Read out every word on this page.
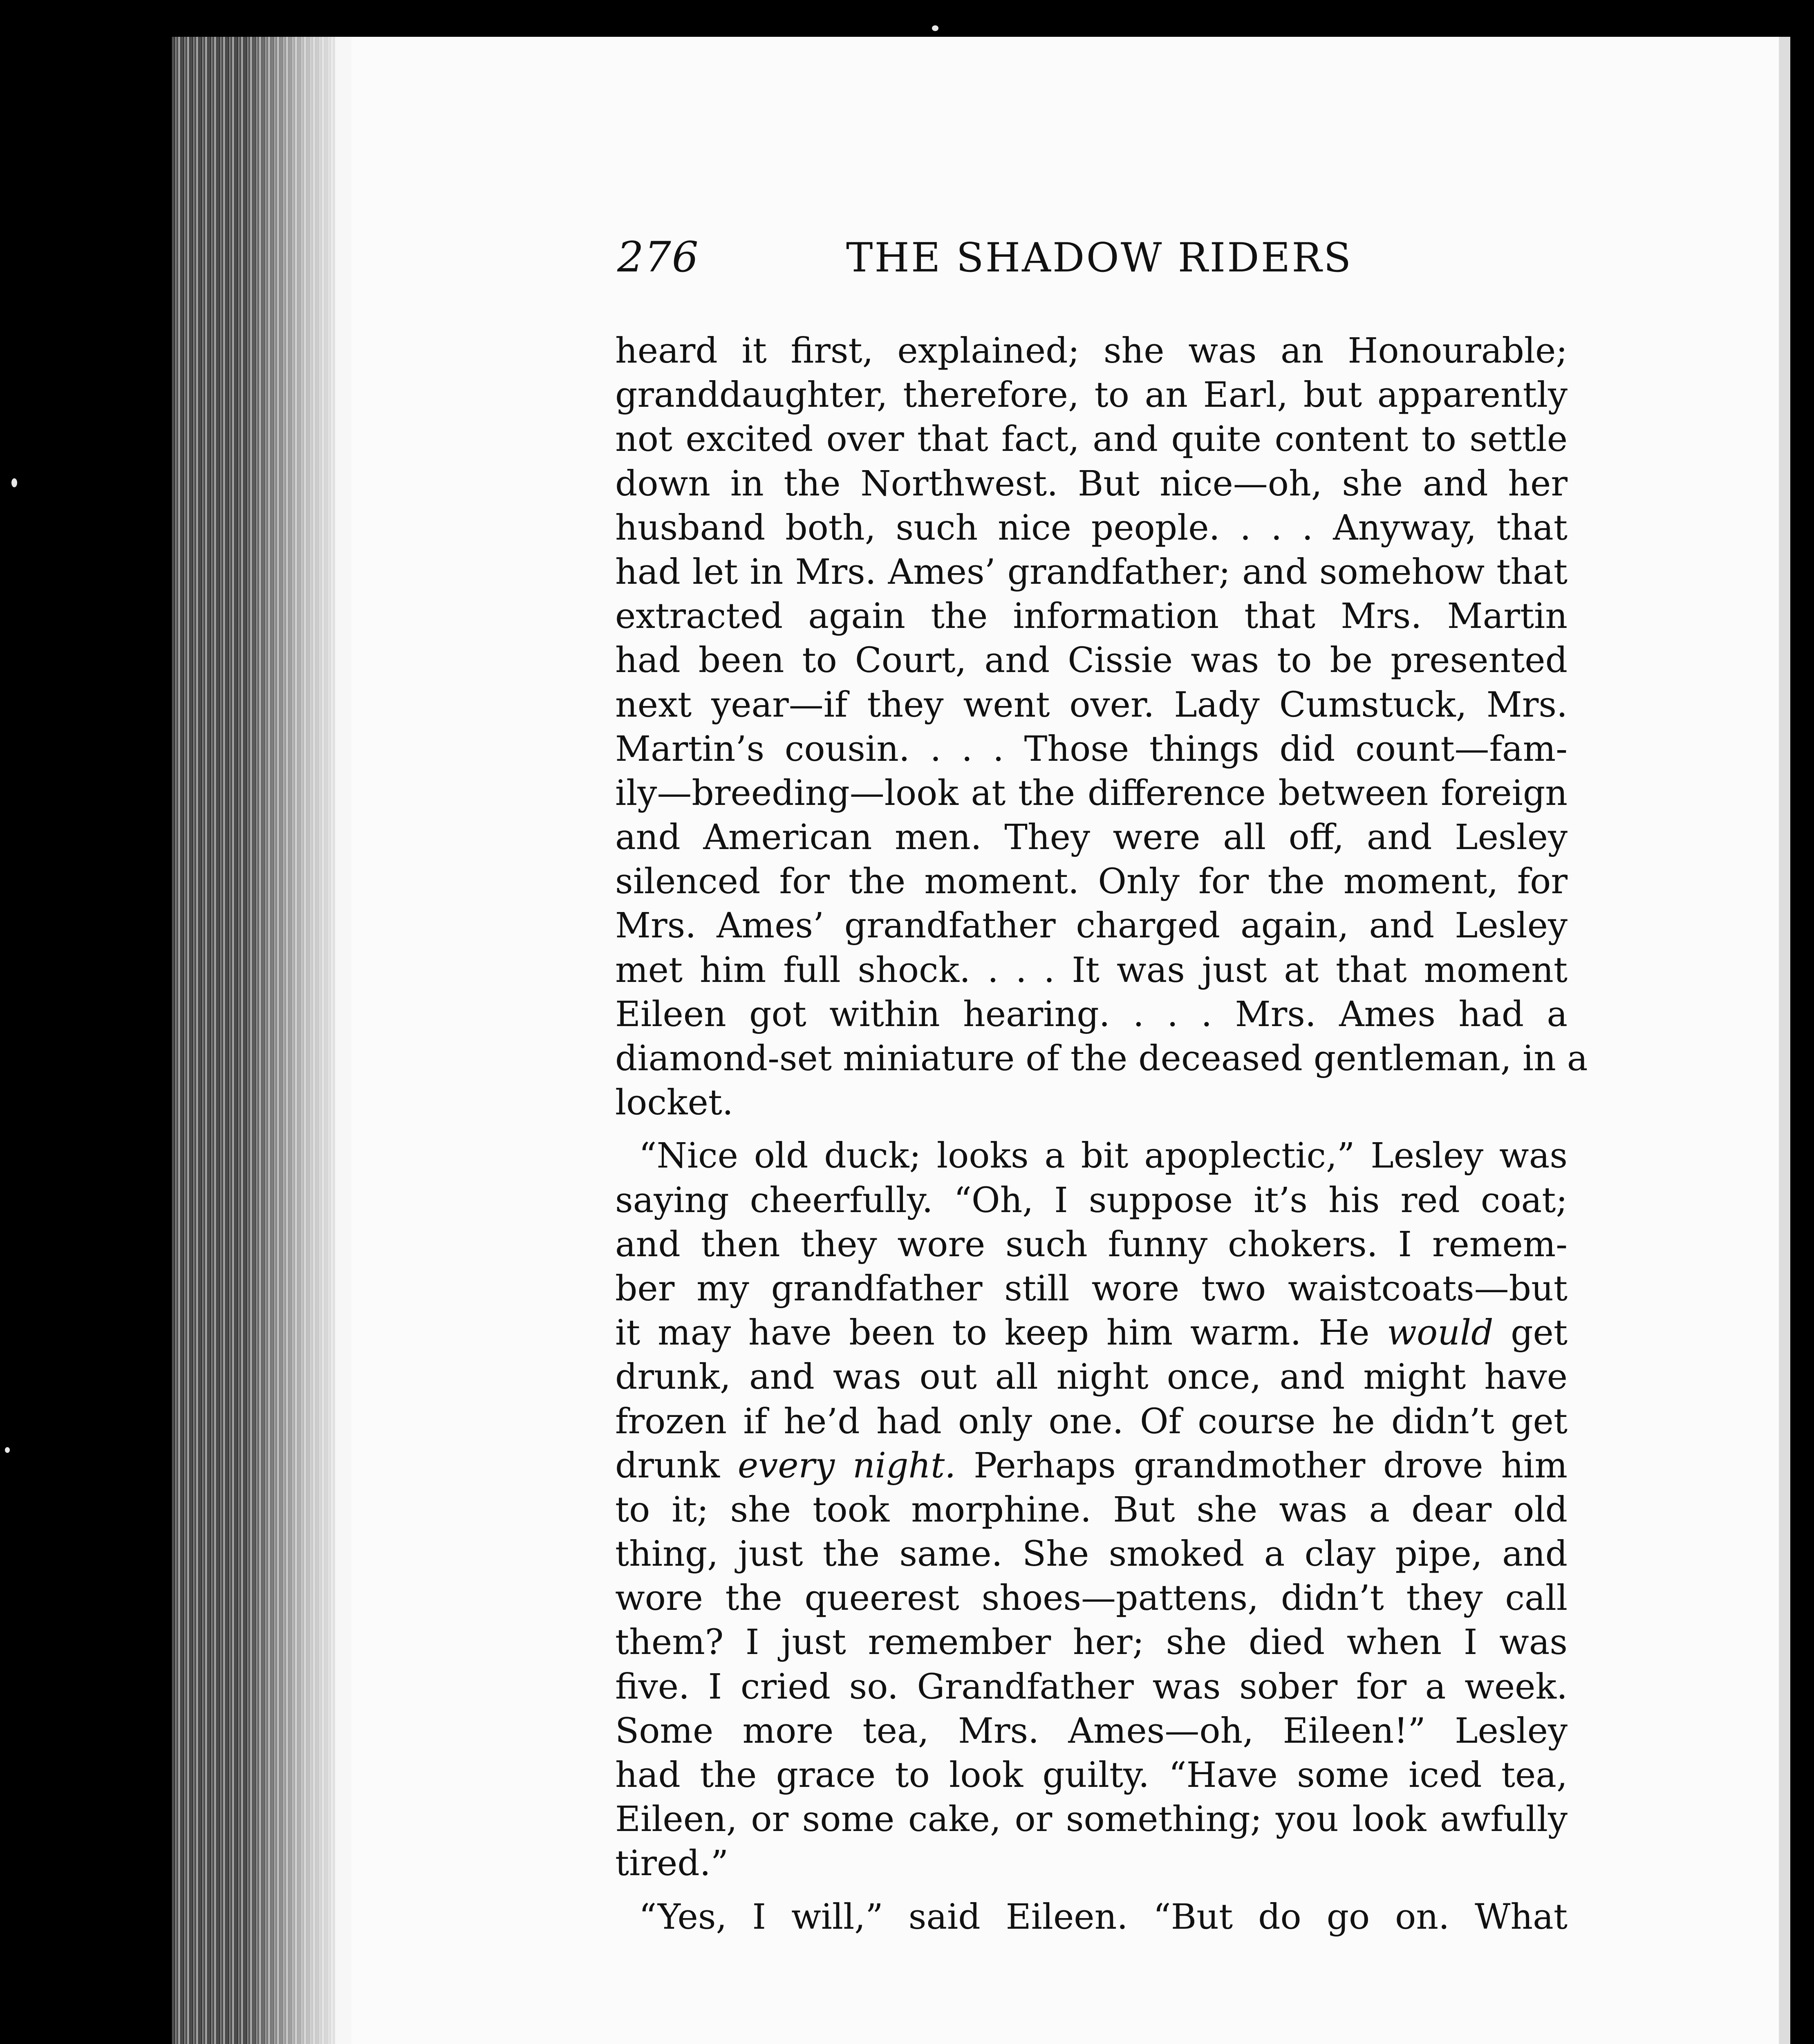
276	THE SHADOW RIDERS
heard it first, explained; she was an Honourable;
granddaughter, therefore, to an Earl, but apparently
not excited over that fact, and quite content to settle
down in the Northwest. But nice—oh, she and her
husband both, such nice people. . . . Anyway, that
had let in Mrs. Ames’ grandfather; and somehow that
extracted again the information that Mrs. Martin
had been to Court, and Cissie was to be presented
next year—if they went over. Lady Cumstuck, Mrs.
Martin’s cousin. . . . Those things did count—fam-
ily—breeding—look at the difference between foreign
and American men. They were all off, and Lesley
silenced for the moment. Only for the moment, for
Mrs. Ames’ grandfather charged again, and Lesley
met him full shock. . . . It was just at that moment
Eileen got within hearing. . . . Mrs. Ames had a
diamond-set miniature of the deceased gentleman, in a
locket.
“Nice old duck; looks a bit apoplectic,” Lesley was
saying cheerfully. “Oh, I suppose it’s his red coat;
and then they wore such funny chokers. I remem-
ber my grandfather still wore two waistcoats—but
it may have been to keep him warm. He would get
drunk, and was out all night once, and might have
frozen if he’d had only one. Of course he didn’t get
drunk every night. Perhaps grandmother drove him
to it; she took morphine. But she was a dear old
thing, just the same. She smoked a clay pipe, and
wore the queerest shoes—pattens, didn’t they call
them? I just remember her; she died when I was
five. I cried so. Grandfather was sober for a week.
Some more tea, Mrs. Ames—oh, Eileen!” Lesley
had the grace to look guilty. “Have some iced tea,
Eileen, or some cake, or something; you look awfully
tired.”
“Yes, I will,” said Eileen. “But do go on. What
